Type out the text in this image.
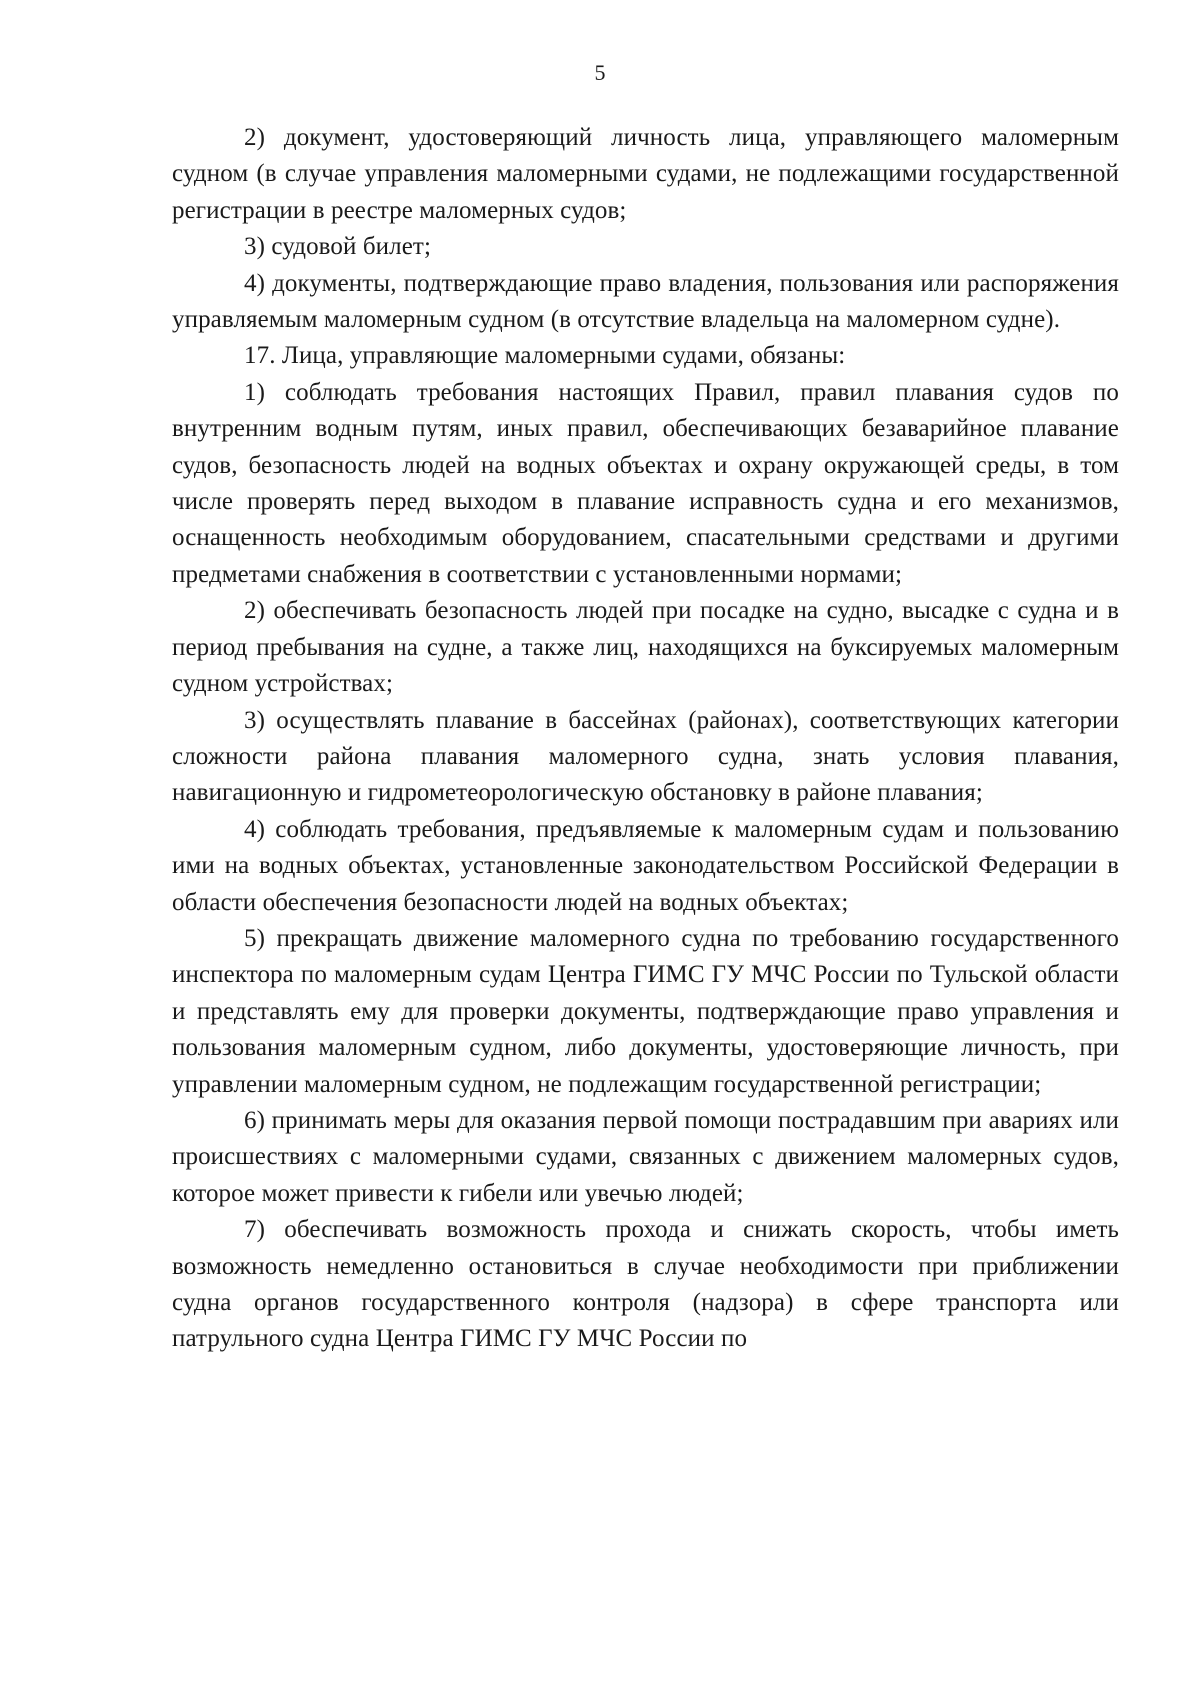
5

2) документ, удостоверяющий личность лица, управляющего маломерным судном (в случае управления маломерными судами, не подлежащими государственной регистрации в реестре маломерных судов;

3) судовой билет;

4) документы, подтверждающие право владения, пользования или распоряжения управляемым маломерным судном (в отсутствие владельца на маломерном судне).

17. Лица, управляющие маломерными судами, обязаны:

1) соблюдать требования настоящих Правил, правил плавания судов по внутренним водным путям, иных правил, обеспечивающих безаварийное плавание судов, безопасность людей на водных объектах и охрану окружающей среды, в том числе проверять перед выходом в плавание исправность судна и его механизмов, оснащенность необходимым оборудованием, спасательными средствами и другими предметами снабжения в соответствии с установленными нормами;

2) обеспечивать безопасность людей при посадке на судно, высадке с судна и в период пребывания на судне, а также лиц, находящихся на буксируемых маломерным судном устройствах;

3) осуществлять плавание в бассейнах (районах), соответствующих категории сложности района плавания маломерного судна, знать условия плавания, навигационную и гидрометеорологическую обстановку в районе плавания;

4) соблюдать требования, предъявляемые к маломерным судам и пользованию ими на водных объектах, установленные законодательством Российской Федерации в области обеспечения безопасности людей на водных объектах;

5) прекращать движение маломерного судна по требованию государственного инспектора по маломерным судам Центра ГИМС ГУ МЧС России по Тульской области и представлять ему для проверки документы, подтверждающие право управления и пользования маломерным судном, либо документы, удостоверяющие личность, при управлении маломерным судном, не подлежащим государственной регистрации;

6) принимать меры для оказания первой помощи пострадавшим при авариях или происшествиях с маломерными судами, связанных с движением маломерных судов, которое может привести к гибели или увечью людей;

7) обеспечивать возможность прохода и снижать скорость, чтобы иметь возможность немедленно остановиться в случае необходимости при приближении судна органов государственного контроля (надзора) в сфере транспорта или патрульного судна Центра ГИМС ГУ МЧС России по
